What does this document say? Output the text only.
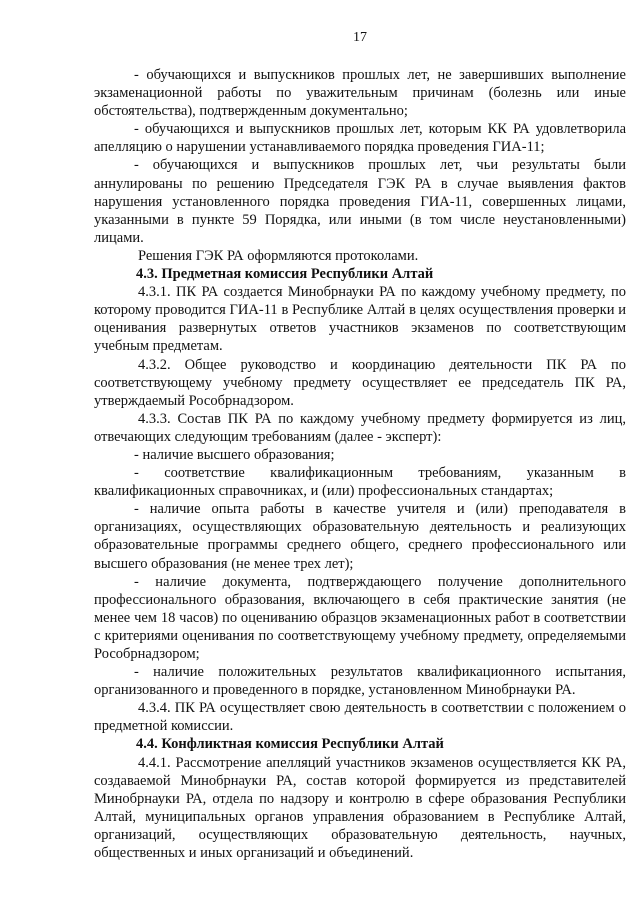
17

- обучающихся и выпускников прошлых лет, не завершивших выполнение экзаменационной работы по уважительным причинам (болезнь или иные обстоятельства), подтвержденным документально;

- обучающихся и выпускников прошлых лет, которым КК РА удовлетворила апелляцию о нарушении устанавливаемого порядка проведения ГИА-11;

- обучающихся и выпускников прошлых лет, чьи результаты были аннулированы по решению Председателя ГЭК РА в случае выявления фактов нарушения установленного порядка проведения ГИА-11, совершенных лицами, указанными в пункте 59 Порядка, или иными (в том числе неустановленными) лицами.

Решения ГЭК РА оформляются протоколами.

4.3. Предметная комиссия Республики Алтай

4.3.1. ПК РА создается Минобрнауки РА по каждому учебному предмету, по которому проводится ГИА-11 в Республике Алтай в целях осуществления проверки и оценивания развернутых ответов участников экзаменов по соответствующим учебным предметам.

4.3.2. Общее руководство и координацию деятельности ПК РА по соответствующему учебному предмету осуществляет ее председатель ПК РА, утверждаемый Рособрнадзором.

4.3.3. Состав ПК РА по каждому учебному предмету формируется из лиц, отвечающих следующим требованиям (далее - эксперт):

- наличие высшего образования;

- соответствие квалификационным требованиям, указанным в квалификационных справочниках, и (или) профессиональных стандартах;

- наличие опыта работы в качестве учителя и (или) преподавателя в организациях, осуществляющих образовательную деятельность и реализующих образовательные программы среднего общего, среднего профессионального или высшего образования (не менее трех лет);

- наличие документа, подтверждающего получение дополнительного профессионального образования, включающего в себя практические занятия (не менее чем 18 часов) по оцениванию образцов экзаменационных работ в соответствии с критериями оценивания по соответствующему учебному предмету, определяемыми Рособрнадзором;

- наличие положительных результатов квалификационного испытания, организованного и проведенного в порядке, установленном Минобрнауки РА.

4.3.4. ПК РА осуществляет свою деятельность в соответствии с положением о предметной комиссии.

4.4. Конфликтная комиссия Республики Алтай

4.4.1. Рассмотрение апелляций участников экзаменов осуществляется КК РА, создаваемой Минобрнауки РА, состав которой формируется из представителей Минобрнауки РА, отдела по надзору и контролю в сфере образования Республики Алтай, муниципальных органов управления образованием в Республике Алтай, организаций, осуществляющих образовательную деятельность, научных, общественных и иных организаций и объединений.
